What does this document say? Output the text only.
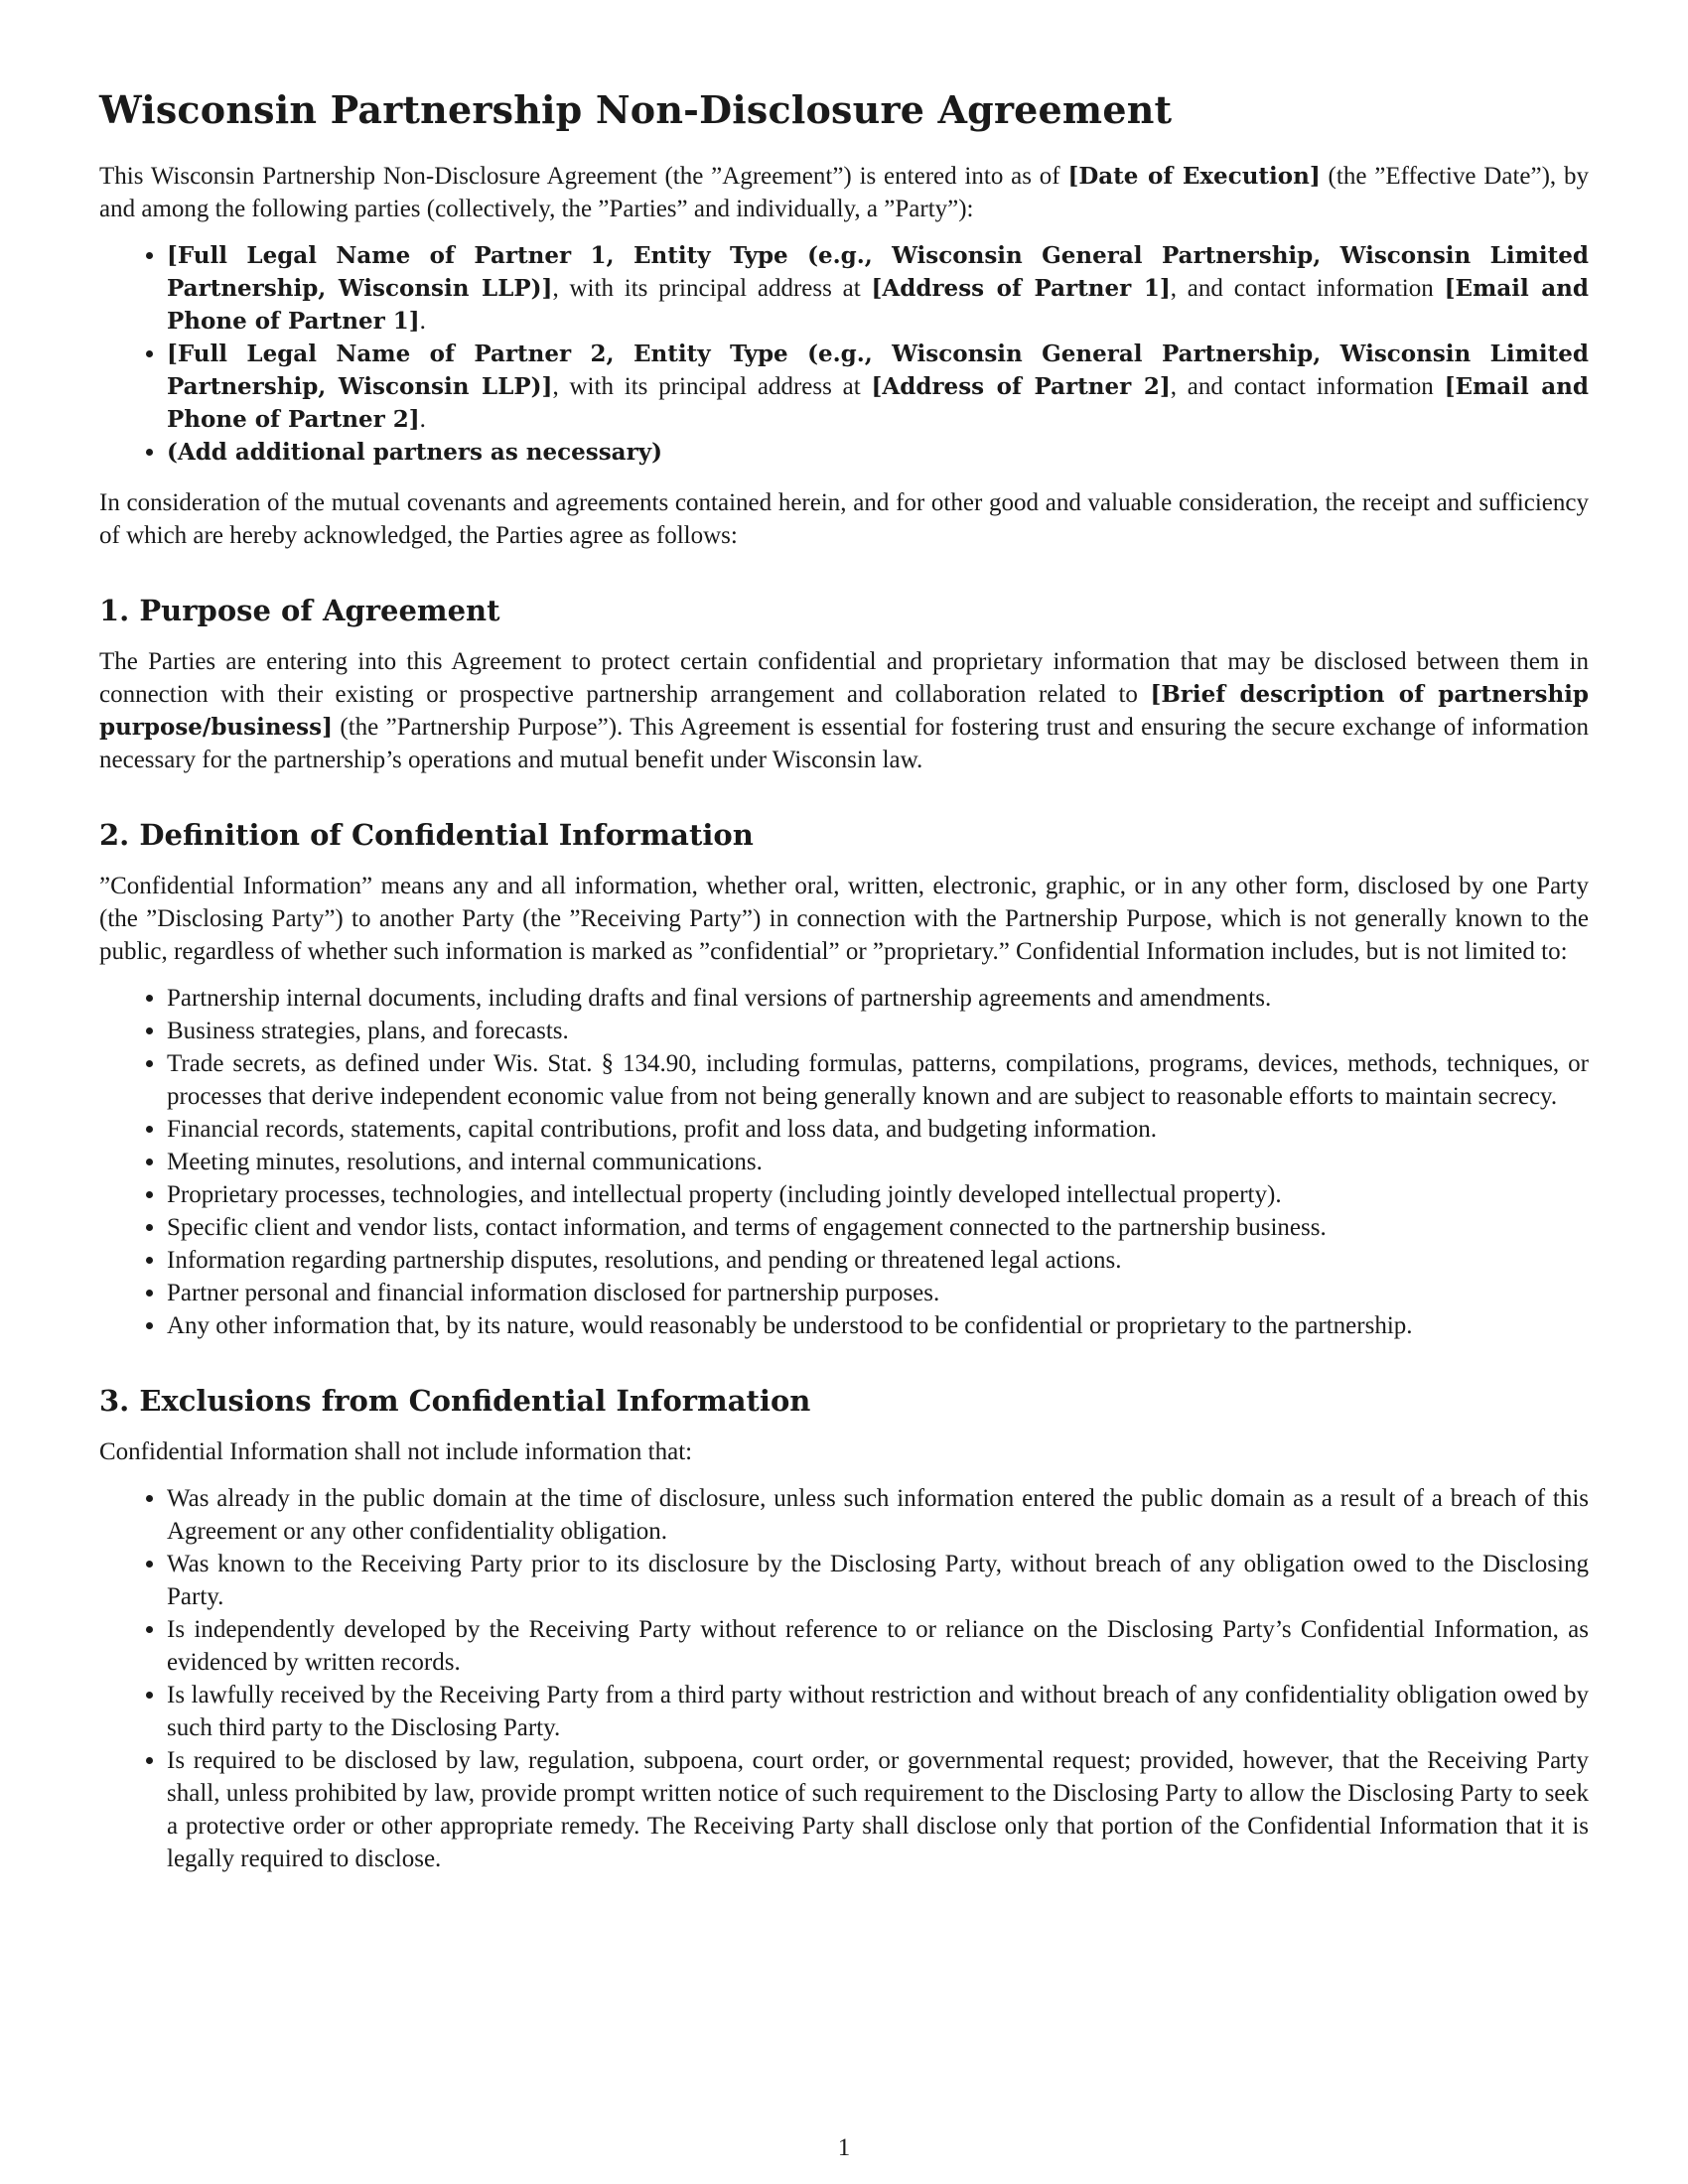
Wisconsin Partnership Non-Disclosure Agreement

This Wisconsin Partnership Non-Disclosure Agreement (the ”Agreement”) is entered into as of [Date of Execution] (the ”Effective Date”), by and among the following parties (collectively, the ”Parties” and individually, a ”Party”):

• [Full Legal Name of Partner 1, Entity Type (e.g., Wisconsin General Partnership, Wisconsin Limited Partnership, Wisconsin LLP)], with its principal address at [Address of Partner 1], and contact information [Email and Phone of Partner 1].
• [Full Legal Name of Partner 2, Entity Type (e.g., Wisconsin General Partnership, Wisconsin Limited Partnership, Wisconsin LLP)], with its principal address at [Address of Partner 2], and contact information [Email and Phone of Partner 2].
• (Add additional partners as necessary)

In consideration of the mutual covenants and agreements contained herein, and for other good and valuable consideration, the receipt and sufficiency of which are hereby acknowledged, the Parties agree as follows:

1. Purpose of Agreement

The Parties are entering into this Agreement to protect certain confidential and proprietary information that may be disclosed between them in connection with their existing or prospective partnership arrangement and collaboration related to [Brief description of partnership purpose/business] (the ”Partnership Purpose”). This Agreement is essential for fostering trust and ensuring the secure exchange of information necessary for the partnership’s operations and mutual benefit under Wisconsin law.

2. Definition of Confidential Information

”Confidential Information” means any and all information, whether oral, written, electronic, graphic, or in any other form, disclosed by one Party (the ”Disclosing Party”) to another Party (the ”Receiving Party”) in connection with the Partnership Purpose, which is not generally known to the public, regardless of whether such information is marked as ”confidential” or ”proprietary.” Confidential Information includes, but is not limited to:

• Partnership internal documents, including drafts and final versions of partnership agreements and amendments.
• Business strategies, plans, and forecasts.
• Trade secrets, as defined under Wis. Stat. § 134.90, including formulas, patterns, compilations, programs, devices, methods, techniques, or processes that derive independent economic value from not being generally known and are subject to reasonable efforts to maintain secrecy.
• Financial records, statements, capital contributions, profit and loss data, and budgeting information.
• Meeting minutes, resolutions, and internal communications.
• Proprietary processes, technologies, and intellectual property (including jointly developed intellectual property).
• Specific client and vendor lists, contact information, and terms of engagement connected to the partnership business.
• Information regarding partnership disputes, resolutions, and pending or threatened legal actions.
• Partner personal and financial information disclosed for partnership purposes.
• Any other information that, by its nature, would reasonably be understood to be confidential or proprietary to the partnership.
3. Exclusions from Confidential Information

Confidential Information shall not include information that:

• Was already in the public domain at the time of disclosure, unless such information entered the public domain as a result of a breach of this Agreement or any other confidentiality obligation.
• Was known to the Receiving Party prior to its disclosure by the Disclosing Party, without breach of any obligation owed to the Disclosing Party.
• Is independently developed by the Receiving Party without reference to or reliance on the Disclosing Party’s Confidential Information, as evidenced by written records.
• Is lawfully received by the Receiving Party from a third party without restriction and without breach of any confidentiality obligation owed by such third party to the Disclosing Party.
• Is required to be disclosed by law, regulation, subpoena, court order, or governmental request; provided, however, that the Receiving Party shall, unless prohibited by law, provide prompt written notice of such requirement to the Disclosing Party to allow the Disclosing Party to seek a protective order or other appropriate remedy. The Receiving Party shall disclose only that portion of the Confidential Information that it is legally required to disclose.
1
